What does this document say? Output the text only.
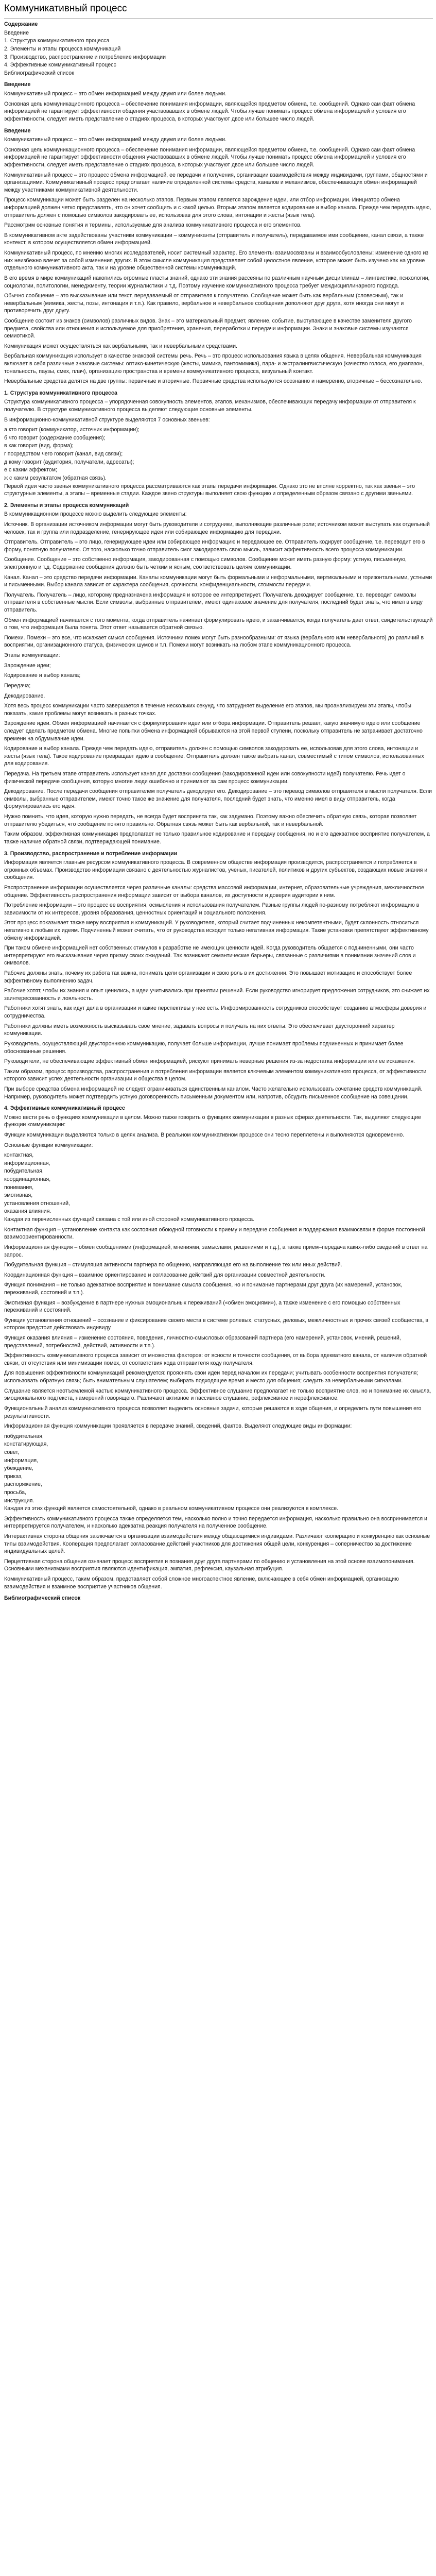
Коммуникативный процесс
Содержание
Введение
1. Структура коммуникативного процесса
2. Элементы и этапы процесса коммуникаций
3. Производство, распространение и потребление информации
4. Эффективные коммуникативный процесс
Библиографический список
Введение

Коммуникативный процесс – это обмен информацией между двумя или более людьми.

Основная цель коммуникационного процесса – обеспечение понимания информации, являющейся предметом обмена, т.е. сообщений. Однако сам факт обмена информацией не гарантирует эффективности общения участвовавших в обмене людей. Чтобы лучше понимать процесс обмена информацией и условия его эффективности, следует иметь представление о стадиях процесса, в которых участвуют двое или большее число людей.

Введение

Коммуникативный процесс – это обмен информацией между двумя или более людьми.

Основная цель коммуникационного процесса – обеспечение понимания информации, являющейся предметом обмена, т.е. сообщений. Однако сам факт обмена информацией не гарантирует эффективности общения участвовавших в обмене людей. Чтобы лучше понимать процесс обмена информацией и условия его эффективности, следует иметь представление о стадиях процесса, в которых участвуют двое или большее число людей.

Коммуникативный процесс – это процесс обмена информацией, ее передачи и получения, организации взаимодействия между индивидами, группами, общностями и организациями. Коммуникативный процесс предполагает наличие определенной системы средств, каналов и механизмов, обеспечивающих обмен информацией между участниками коммуникативной деятельности.

Процесс коммуникации может быть разделен на несколько этапов. Первым этапом является зарождение идеи, или отбор информации. Инициатор обмена информацией должен четко представлять, что он хочет сообщить и с какой целью. Вторым этапом является кодирование и выбор канала. Прежде чем передать идею, отправитель должен с помощью символов закодировать ее, использовав для этого слова, интонации и жесты (язык тела).

Рассмотрим основные понятия и термины, используемые для анализа коммуникативного процесса и его элементов.

В коммуникативном акте задействованы участники коммуникации – коммуниканты (отправитель и получатель), передаваемое ими сообщение, канал связи, а также контекст, в котором осуществляется обмен информацией.

Коммуникативный процесс, по мнению многих исследователей, носит системный характер. Его элементы взаимосвязаны и взаимообусловлены: изменение одного из них неизбежно влечет за собой изменения других. В этом смысле коммуникация представляет собой целостное явление, которое может быть изучено как на уровне отдельного коммуникативного акта, так и на уровне общественной системы коммуникаций.

В его время в мире коммуникаций накопились огромные пласты знаний, однако эти знания рассеяны по различным научным дисциплинам – лингвистике, психологии, социологии, политологии, менеджменту, теории журналистики и т.д. Поэтому изучение коммуникативного процесса требует междисциплинарного подхода.

Обычно сообщение – это высказывание или текст, передаваемый от отправителя к получателю. Сообщение может быть как вербальным (словесным), так и невербальным (мимика, жесты, позы, интонация и т.п.). Как правило, вербальное и невербальное сообщения дополняют друг друга, хотя иногда они могут и противоречить друг другу.

Сообщение состоит из знаков (символов) различных видов. Знак – это материальный предмет, явление, событие, выступающее в качестве заменителя другого предмета, свойства или отношения и используемое для приобретения, хранения, переработки и передачи информации. Знаки и знаковые системы изучаются семиотикой.

Коммуникация может осуществляться как вербальными, так и невербальными средствами.

Вербальная коммуникация использует в качестве знаковой системы речь. Речь – это процесс использования языка в целях общения. Невербальная коммуникация включает в себя различные знаковые системы: оптико-кинетическую (жесты, мимика, пантомимика), пара- и экстралингвистическую (качество голоса, его диапазон, тональность, паузы, смех, плач), организацию пространства и времени коммуникативного процесса, визуальный контакт.

Невербальные средства делятся на две группы: первичные и вторичные. Первичные средства используются осознанно и намеренно, вторичные – бессознательно.

1. Структура коммуникативного процесса

Структура коммуникативного процесса – упорядоченная совокупность элементов, этапов, механизмов, обеспечивающих передачу информации от отправителя к получателю. В структуре коммуникативного процесса выделяют следующие основные элементы.

В информационно-коммуникативной структуре выделяются 7 основных звеньев:

а кто говорит (коммуникатор, источник информации);
б что говорит (содержание сообщения);
в как говорит (вид, форма);
г посредством чего говорит (канал, вид связи);
д кому говорит (аудитория, получатели, адресаты);
е с каким эффектом;
ж с каким результатом (обратная связь).

Первой идеи часто звенья коммуникативного процесса рассматриваются как этапы передачи информации. Однако это не вполне корректно, так как звенья – это структурные элементы, а этапы – временные стадии. Каждое звено структуры выполняет свою функцию и определенным образом связано с другими звеньями.

2. Элементы и этапы процесса коммуникаций

В коммуникационном процессе можно выделить следующие элементы:

Источник. В организации источником информации могут быть руководители и сотрудники, выполняющие различные роли; источником может выступать как отдельный человек, так и группа или подразделение, генерирующее идеи или собирающее информацию для передачи.

Отправитель. Отправитель – это лицо, генерирующее идеи или собирающее информацию и передающее ее. Отправитель кодирует сообщение, т.е. переводит его в форму, понятную получателю. От того, насколько точно отправитель смог закодировать свою мысль, зависит эффективность всего процесса коммуникации.

Сообщение. Сообщение – это собственно информация, закодированная с помощью символов. Сообщение может иметь разную форму: устную, письменную, электронную и т.д. Содержание сообщения должно быть четким и ясным, соответствовать целям коммуникации.

Канал. Канал – это средство передачи информации. Каналы коммуникации могут быть формальными и неформальными, вертикальными и горизонтальными, устными и письменными. Выбор канала зависит от характера сообщения, срочности, конфиденциальности, стоимости передачи.

Получатель. Получатель – лицо, которому предназначена информация и которое ее интерпретирует. Получатель декодирует сообщение, т.е. переводит символы отправителя в собственные мысли. Если символы, выбранные отправителем, имеют одинаковое значение для получателя, последний будет знать, что имел в виду отправитель.

Обмен информацией начинается с того момента, когда отправитель начинает формулировать идею, и заканчивается, когда получатель дает ответ, свидетельствующий о том, что информация была понята. Этот ответ называется обратной связью.

Помехи. Помехи – это все, что искажает смысл сообщения. Источники помех могут быть разнообразными: от языка (вербального или невербального) до различий в восприятии, организационного статуса, физических шумов и т.п. Помехи могут возникать на любом этапе коммуникационного процесса.

Этапы коммуникации:

Зарождение идеи;

Кодирование и выбор канала;

Передача;

Декодирование.

Хотя весь процесс коммуникации часто завершается в течение нескольких секунд, что затрудняет выделение его этапов, мы проанализируем эти этапы, чтобы показать, какие проблемы могут возникать в разных точках.

Зарождение идеи. Обмен информацией начинается с формулирования идеи или отбора информации. Отправитель решает, какую значимую идею или сообщение следует сделать предметом обмена. Многие попытки обмена информацией обрываются на этой первой ступени, поскольку отправитель не затрачивает достаточно времени на обдумывание идеи.

Кодирование и выбор канала. Прежде чем передать идею, отправитель должен с помощью символов закодировать ее, использовав для этого слова, интонации и жесты (язык тела). Такое кодирование превращает идею в сообщение. Отправитель должен также выбрать канал, совместимый с типом символов, использованных для кодирования.

Передача. На третьем этапе отправитель использует канал для доставки сообщения (закодированной идеи или совокупности идей) получателю. Речь идет о физической передаче сообщения, которую многие люди ошибочно и принимают за сам процесс коммуникации.

Декодирование. После передачи сообщения отправителем получатель декодирует его. Декодирование – это перевод символов отправителя в мысли получателя. Если символы, выбранные отправителем, имеют точно такое же значение для получателя, последний будет знать, что именно имел в виду отправитель, когда формулировалась его идея.

Нужно помнить, что идея, которую нужно передать, не всегда будет воспринята так, как задумано. Поэтому важно обеспечить обратную связь, которая позволяет отправителю убедиться, что сообщение понято правильно. Обратная связь может быть как вербальной, так и невербальной.

Таким образом, эффективная коммуникация предполагает не только правильное кодирование и передачу сообщения, но и его адекватное восприятие получателем, а также наличие обратной связи, подтверждающей понимание.

3. Производство, распространение и потребление информации

Информация является главным ресурсом коммуникативного процесса. В современном обществе информация производится, распространяется и потребляется в огромных объемах. Производство информации связано с деятельностью журналистов, ученых, писателей, политиков и других субъектов, создающих новые знания и сообщения.

Распространение информации осуществляется через различные каналы: средства массовой информации, интернет, образовательные учреждения, межличностное общение. Эффективность распространения информации зависит от выбора каналов, их доступности и доверия аудитории к ним.

Потребление информации – это процесс ее восприятия, осмысления и использования получателем. Разные группы людей по-разному потребляют информацию в зависимости от их интересов, уровня образования, ценностных ориентаций и социального положения.

Этот процесс показывает также меру восприятия и коммуникаций. У руководителя, который считает подчиненных некомпетентными, будет склонность относиться негативно к любым их идеям. Подчиненный может считать, что от руководства исходит только негативная информация. Такие установки препятствуют эффективному обмену информацией.

При таком обмене информацией нет собственных стимулов к разработке не имеющих ценности идей. Когда руководитель общается с подчиненными, они часто интерпретируют его высказывания через призму своих ожиданий. Так возникают семантические барьеры, связанные с различиями в понимании значений слов и символов.

Рабочие должны знать, почему их работа так важна, понимать цели организации и свою роль в их достижении. Это повышает мотивацию и способствует более эффективному выполнению задач.

Рабочие хотят, чтобы их знания и опыт ценились, а идеи учитывались при принятии решений. Если руководство игнорирует предложения сотрудников, это снижает их заинтересованность и лояльность.

Работники хотят знать, как идут дела в организации и какие перспективы у нее есть. Информированность сотрудников способствует созданию атмосферы доверия и сотрудничества.

Работники должны иметь возможность высказывать свое мнение, задавать вопросы и получать на них ответы. Это обеспечивает двусторонний характер коммуникации.

Руководитель, осуществляющий двустороннюю коммуникацию, получает больше информации, лучше понимает проблемы подчиненных и принимает более обоснованные решения.

Руководители, не обеспечивающие эффективный обмен информацией, рискуют принимать неверные решения из-за недостатка информации или ее искажения.

Таким образом, процесс производства, распространения и потребления информации является ключевым элементом коммуникативного процесса, от эффективности которого зависит успех деятельности организации и общества в целом.

При выборе средства обмена информацией не следует ограничиваться единственным каналом. Часто желательно использовать сочетание средств коммуникаций. Например, руководитель может подтвердить устную договоренность письменным документом или, напротив, обсудить письменное сообщение на совещании.

4. Эффективные коммуникативный процесс

Можно вести речь о функциях коммуникации в целом. Можно также говорить о функциях коммуникации в разных сферах деятельности. Так, выделяют следующие функции коммуникации:

Функции коммуникации выделяются только в целях анализа. В реальном коммуникативном процессе они тесно переплетены и выполняются одновременно.

Основные функции коммуникации:

контактная,
информационная,
побудительная,
координационная,
понимания,
эмотивная,
установления отношений,
оказания влияния.

Каждая из перечисленных функций связана с той или иной стороной коммуникативного процесса.

Контактная функция – установление контакта как состояния обоюдной готовности к приему и передаче сообщения и поддержания взаимосвязи в форме постоянной взаимоориентированности.

Информационная функция – обмен сообщениями (информацией, мнениями, замыслами, решениями и т.д.), а также прием–передача каких-либо сведений в ответ на запрос.

Побудительная функция – стимуляция активности партнера по общению, направляющая его на выполнение тех или иных действий.

Координационная функция – взаимное ориентирование и согласование действий для организации совместной деятельности.

Функция понимания – не только адекватное восприятие и понимание смысла сообщения, но и понимание партнерами друг друга (их намерений, установок, переживаний, состояний и т.п.).

Эмотивная функция – возбуждение в партнере нужных эмоциональных переживаний («обмен эмоциями»), а также изменение с его помощью собственных переживаний и состояний.

Функция установления отношений – осознание и фиксирование своего места в системе ролевых, статусных, деловых, межличностных и прочих связей сообщества, в котором предстоит действовать индивиду.

Функция оказания влияния – изменение состояния, поведения, личностно-смысловых образований партнера (его намерений, установок, мнений, решений, представлений, потребностей, действий, активности и т.п.).

Эффективность коммуникативного процесса зависит от множества факторов: от ясности и точности сообщения, от выбора адекватного канала, от наличия обратной связи, от отсутствия или минимизации помех, от соответствия кода отправителя коду получателя.

Для повышения эффективности коммуникаций рекомендуется: прояснять свои идеи перед началом их передачи; учитывать особенности восприятия получателя; использовать обратную связь; быть внимательным слушателем; выбирать подходящее время и место для общения; следить за невербальными сигналами.

Слушание является неотъемлемой частью коммуникативного процесса. Эффективное слушание предполагает не только восприятие слов, но и понимание их смысла, эмоционального подтекста, намерений говорящего. Различают активное и пассивное слушание, рефлексивное и нерефлексивное.

Функциональный анализ коммуникативного процесса позволяет выделить основные задачи, которые решаются в ходе общения, и определить пути повышения его результативности.

Информационная функция коммуникации проявляется в передаче знаний, сведений, фактов. Выделяют следующие виды информации:

побудительная,
констатирующая,
совет,
информация,
убеждение,
приказ,
распоряжение,
просьба,
инструкция.

Каждая из этих функций является самостоятельной, однако в реальном коммуникативном процессе они реализуются в комплексе.

Эффективность коммуникативного процесса также определяется тем, насколько полно и точно передается информация, насколько правильно она воспринимается и интерпретируется получателем, и насколько адекватна реакция получателя на полученное сообщение.

Интерактивная сторона общения заключается в организации взаимодействия между общающимися индивидами. Различают кооперацию и конкуренцию как основные типы взаимодействия. Кооперация предполагает согласование действий участников для достижения общей цели, конкуренция – соперничество за достижение индивидуальных целей.

Перцептивная сторона общения означает процесс восприятия и познания друг друга партнерами по общению и установления на этой основе взаимопонимания. Основными механизмами восприятия являются идентификация, эмпатия, рефлексия, каузальная атрибуция.

Коммуникативный процесс, таким образом, представляет собой сложное многоаспектное явление, включающее в себя обмен информацией, организацию взаимодействия и взаимное восприятие участников общения.

Библиографический список
